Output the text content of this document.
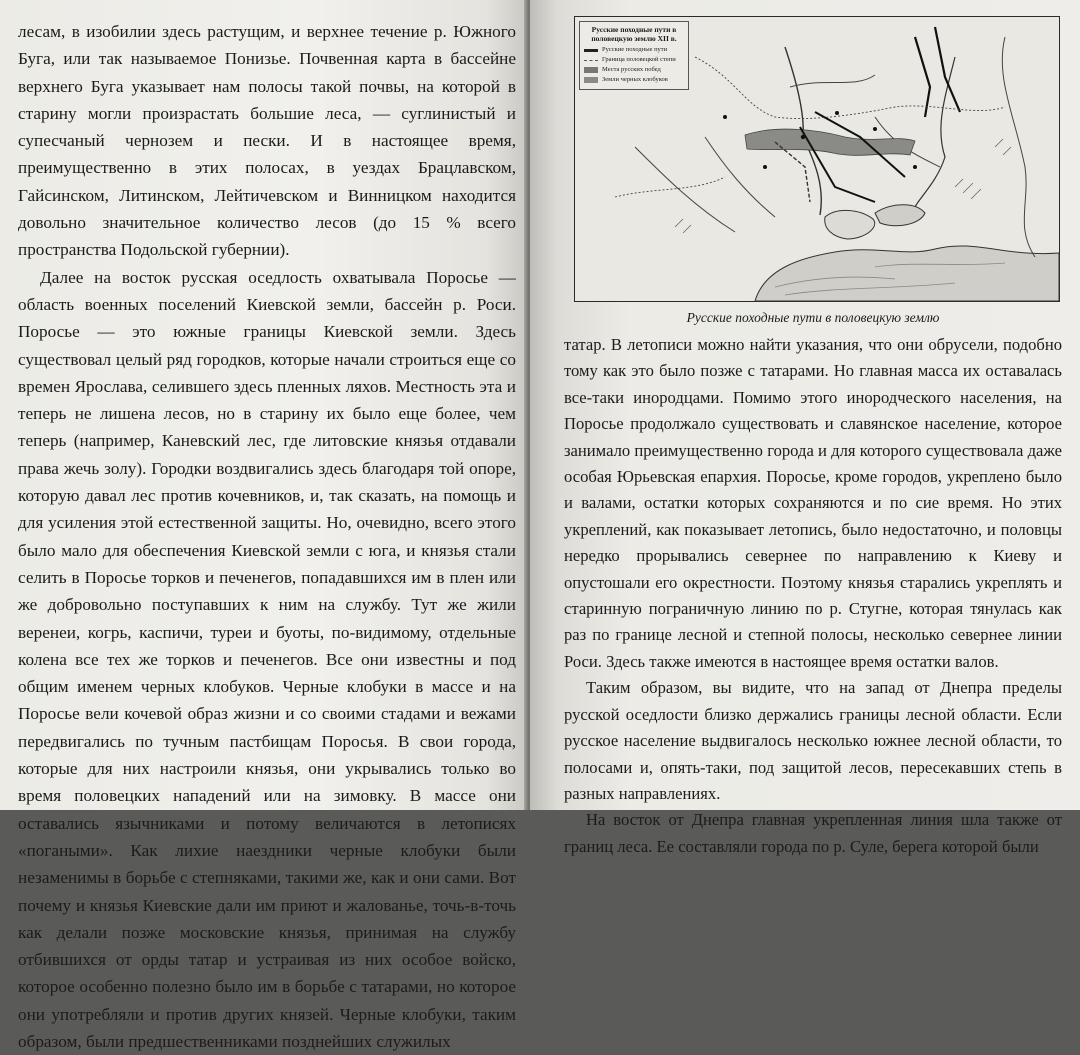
лесам, в изобилии здесь растущим, и верхнее течение р. Южного Буга, или так называемое Понизье. Почвенная карта в бассейне верхнего Буга указывает нам полосы такой почвы, на которой в старину могли произрастать большие леса, — суглинистый и супесчаный чернозем и пески. И в настоящее время, преимущественно в этих полосах, в уездах Брацлавском, Гайсинском, Литинском, Лейтичевском и Винницком находится довольно значительное количество лесов (до 15 % всего пространства Подольской губернии).

Далее на восток русская оседлость охватывала Поросье — область военных поселений Киевской земли, бассейн р. Роси. Поросье — это южные границы Киевской земли. Здесь существовал целый ряд городков, которые начали строиться еще со времен Ярослава, селившего здесь пленных ляхов. Местность эта и теперь не лишена лесов, но в старину их было еще более, чем теперь (например, Каневский лес, где литовские князья отдавали права жечь золу). Городки воздвигались здесь благодаря той опоре, которую давал лес против кочевников, и, так сказать, на помощь и для усиления этой естественной защиты. Но, очевидно, всего этого было мало для обеспечения Киевской земли с юга, и князья стали селить в Поросье торков и печенегов, попадавшихся им в плен или же добровольно поступавших к ним на службу. Тут же жили веренеи, когрь, каспичи, туреи и буоты, по-видимому, отдельные колена все тех же торков и печенегов. Все они известны и под общим именем черных клобуков. Черные клобуки в массе и на Поросье вели кочевой образ жизни и со своими стадами и вежами передвигались по тучным пастбищам Поросья. В свои города, которые для них настроили князья, они укрывались только во время половецких нападений или на зимовку. В массе они оставались язычниками и потому величаются в летописях «погаными». Как лихие наездники черные клобуки были незаменимы в борьбе с степняками, такими же, как и они сами. Вот почему и князья Киевские дали им приют и жалованье, точь-в-точь как делали позже московские князья, принимая на службу отбившихся от орды татар и устраивая из них особое войско, которое особенно полезно было им в борьбе с татарами, но которое они употребляли и против других князей. Черные клобуки, таким образом, были предшественниками позднейших служилых

Русские походные пути в половецкую землю XII в.
Русские походные пути
Граница половецкой степи
Места русских побед
Земли черных клобуков
Русские походные пути в половецкую землю

татар. В летописи можно найти указания, что они обрусели, подобно тому как это было позже с татарами. Но главная масса их оставалась все-таки инородцами. Помимо этого инородческого населения, на Поросье продолжало существовать и славянское население, которое занимало преимущественно города и для которого существовала даже особая Юрьевская епархия. Поросье, кроме городов, укреплено было и валами, остатки которых сохраняются и по сие время. Но этих укреплений, как показывает летопись, было недостаточно, и половцы нередко прорывались севернее по направлению к Киеву и опустошали его окрестности. Поэтому князья старались укреплять и старинную пограничную линию по р. Стугне, которая тянулась как раз по границе лесной и степной полосы, несколько севернее линии Роси. Здесь также имеются в настоящее время остатки валов.

Таким образом, вы видите, что на запад от Днепра пределы русской оседлости близко держались границы лесной области. Если русское население выдвигалось несколько южнее лесной области, то полосами и, опять-таки, под защитой лесов, пересекавших степь в разных направлениях.

На восток от Днепра главная укрепленная линия шла также от границ леса. Ее составляли города по р. Суле, берега которой были
